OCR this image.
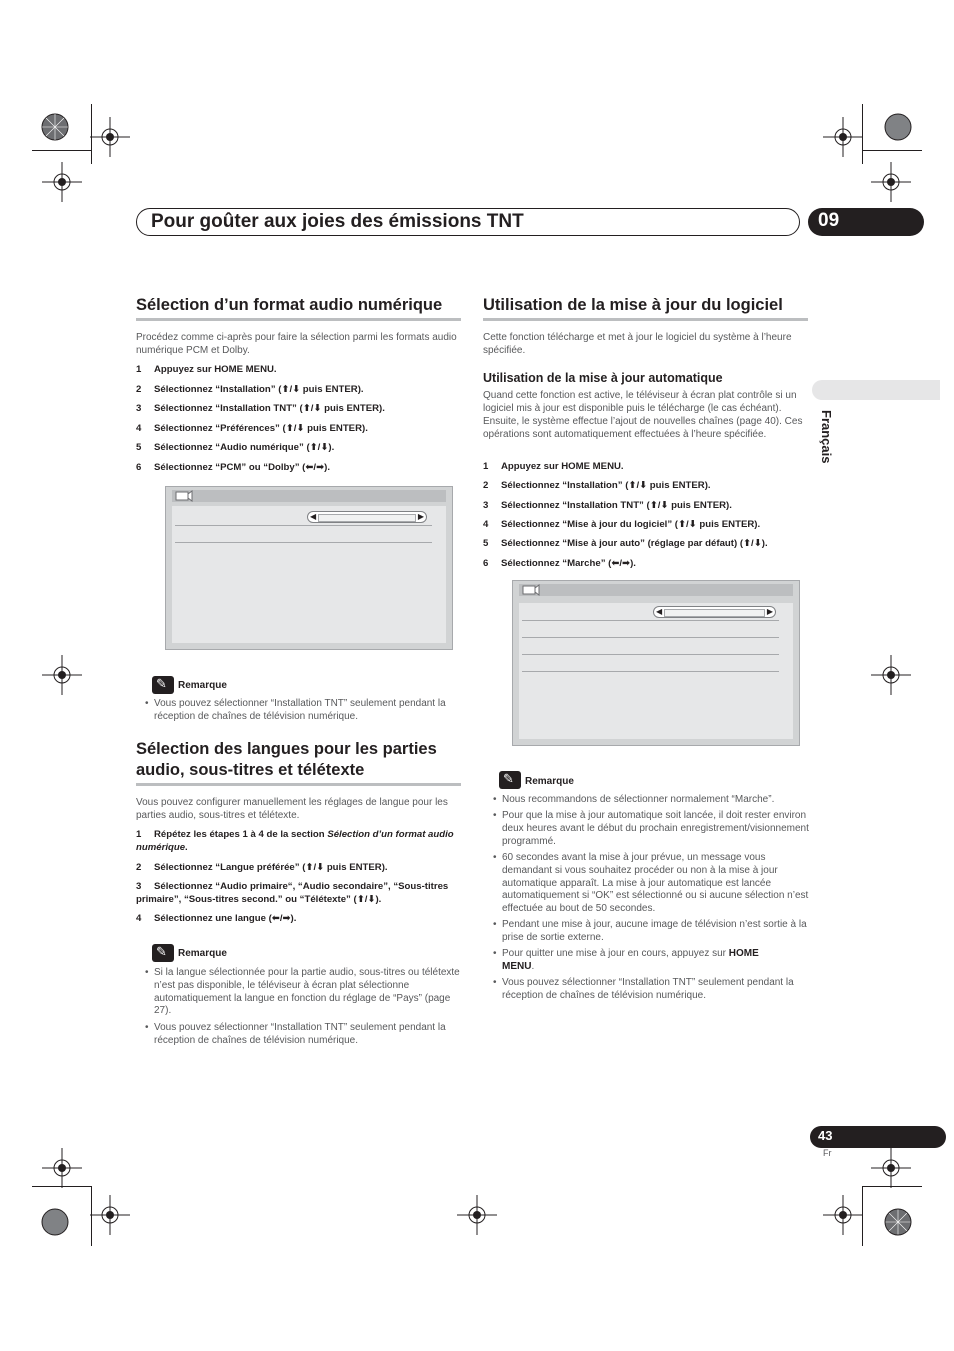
Pour goûter aux joies des émissions TNT	09
Français
Sélection d’un format audio numérique
Procédez comme ci-après pour faire la sélection parmi les formats audio numérique PCM et Dolby.
1 Appuyez sur HOME MENU.
2 Sélectionnez “Installation” (⬆/⬇ puis ENTER).
3 Sélectionnez “Installation TNT” (⬆/⬇ puis ENTER).
4 Sélectionnez “Préférences” (⬆/⬇ puis ENTER).
5 Sélectionnez “Audio numérique” (⬆/⬇).
6 Sélectionnez “PCM” ou “Dolby” (⬅/➡).
◀	▶
✎ Remarque
• Vous pouvez sélectionner “Installation TNT” seulement pendant la réception de chaînes de télévision numérique.
Sélection des langues pour les parties
audio, sous-titres et télétexte
Vous pouvez configurer manuellement les réglages de langue pour les parties audio, sous-titres et télétexte.
1 Répétez les étapes 1 à 4 de la section Sélection d’un format audio numérique.
2 Sélectionnez “Langue préférée” (⬆/⬇ puis ENTER).
3 Sélectionnez “Audio primaire“, “Audio secondaire”, “Sous-titres primaire”, “Sous-titres second.” ou “Télétexte” (⬆/⬇).
4 Sélectionnez une langue (⬅/➡).
✎ Remarque
• Si la langue sélectionnée pour la partie audio, sous-titres ou télétexte n’est pas disponible, le téléviseur à écran plat sélectionne automatiquement la langue en fonction du réglage de “Pays” (page 27).
• Vous pouvez sélectionner “Installation TNT” seulement pendant la réception de chaînes de télévision numérique.
Utilisation de la mise à jour du logiciel
Cette fonction télécharge et met à jour le logiciel du système à l’heure spécifiée.
Utilisation de la mise à jour automatique
Quand cette fonction est active, le téléviseur à écran plat contrôle si un logiciel mis à jour est disponible puis le télécharge (le cas échéant). Ensuite, le système effectue l’ajout de nouvelles chaînes (page 40). Ces opérations sont automatiquement effectuées à l’heure spécifiée.
1 Appuyez sur HOME MENU.
2 Sélectionnez “Installation” (⬆/⬇ puis ENTER).
3 Sélectionnez “Installation TNT” (⬆/⬇ puis ENTER).
4 Sélectionnez “Mise à jour du logiciel” (⬆/⬇ puis ENTER).
5 Sélectionnez “Mise à jour auto” (réglage par défaut) (⬆/⬇).
6 Sélectionnez “Marche” (⬅/➡).
◀	▶
✎ Remarque
• Nous recommandons de sélectionner normalement “Marche”.
• Pour que la mise à jour automatique soit lancée, il doit rester environ deux heures avant le début du prochain enregistrement/visionnement programmé.
• 60 secondes avant la mise à jour prévue, un message vous demandant si vous souhaitez procéder ou non à la mise à jour automatique apparaît. La mise à jour automatique est lancée automatiquement si “OK” est sélectionné ou si aucune sélection n’est effectuée au bout de 50 secondes.
• Pendant une mise à jour, aucune image de télévision n’est sortie à la prise de sortie externe.
• Pour quitter une mise à jour en cours, appuyez sur HOME
MENU.
• Vous pouvez sélectionner “Installation TNT” seulement pendant la réception de chaînes de télévision numérique.
43
Fr
